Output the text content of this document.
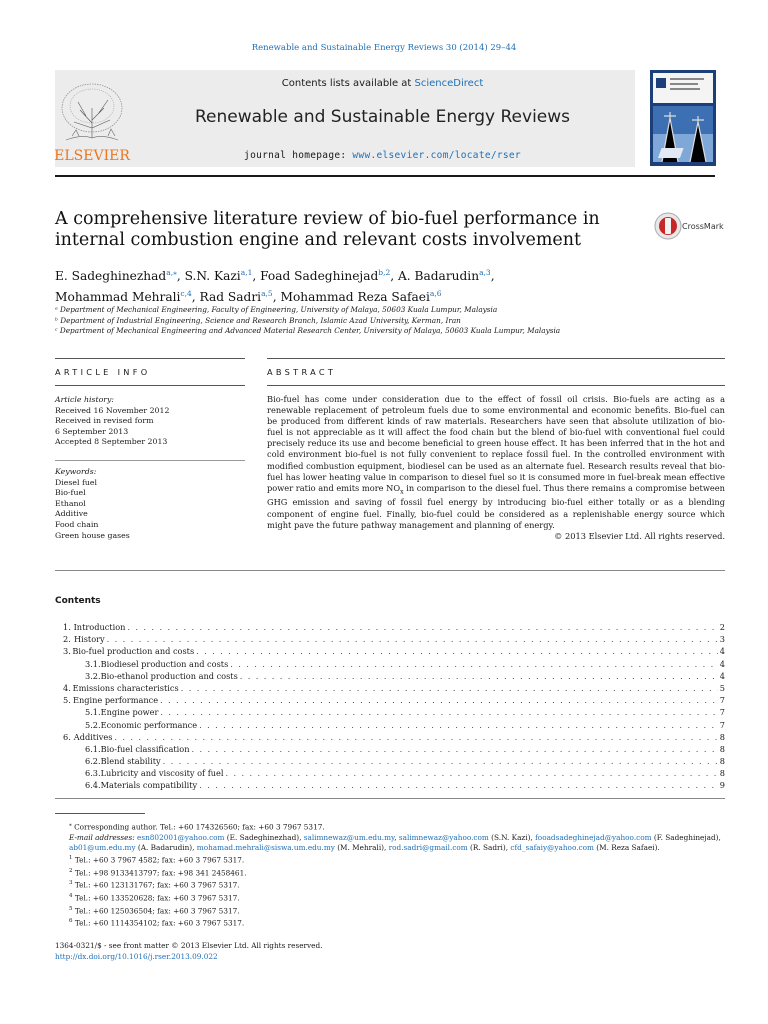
Renewable and Sustainable Energy Reviews 30 (2014) 29–44
ELSEVIER
Contents lists available at ScienceDirect
Renewable and Sustainable Energy Reviews
journal homepage: www.elsevier.com/locate/rser
A comprehensive literature review of bio-fuel performance in internal combustion engine and relevant costs involvement
CrossMark
E. Sadeghinezhad$^{a,⁎}$, S.N. Kazi$^{a,1}$, Foad Sadeghinejad$^{b,2}$, A. Badarudin$^{a,3}$,
Mohammad Mehrali$^{c,4}$, Rad Sadri$^{a,5}$, Mohammad Reza Safaei$^{a,6}$
ᵃ Department of Mechanical Engineering, Faculty of Engineering, University of Malaya, 50603 Kuala Lumpur, Malaysia
ᵇ Department of Industrial Engineering, Science and Research Branch, Islamic Azad University, Kerman, Iran
ᶜ Department of Mechanical Engineering and Advanced Material Research Center, University of Malaya, 50603 Kuala Lumpur, Malaysia
ARTICLE INFO	ABSTRACT
Article history:
Received 16 November 2012
Received in revised form
6 September 2013
Accepted 8 September 2013
Keywords:
Diesel fuel
Bio-fuel
Ethanol
Additive
Food chain
Green house gases
Bio-fuel has come under consideration due to the effect of fossil oil crisis. Bio-fuels are acting as a renewable replacement of petroleum fuels due to some environmental and economic benefits. Bio-fuel can be produced from different kinds of raw materials. Researchers have seen that absolute utilization of bio-fuel is not appreciable as it will affect the food chain but the blend of bio-fuel with conventional fuel could precisely reduce its use and become beneficial to green house effect. It has been inferred that in the hot and cold environment bio-fuel is not fully convenient to replace fossil fuel. In the controlled environment with modified combustion equipment, biodiesel can be used as an alternate fuel. Research results reveal that bio-fuel has lower heating value in comparison to diesel fuel so it is consumed more in fuel-break mean effective power ratio and emits more $NO_x$ in comparison to the diesel fuel. Thus there remains a compromise between GHG emission and saving of fossil fuel energy by introducing bio-fuel either totally or as a blending component of engine fuel. Finally, bio-fuel could be considered as a replenishable energy source which might pave the future pathway management and planning of energy.
© 2013 Elsevier Ltd. All rights reserved.
Contents
1. Introduction . . .	2
2. History . . .	3
3. Bio-fuel production and costs . . .	4
3.1. Biodiesel production and costs . . .	4
3.2. Bio-ethanol production and costs . . .	4
4. Emissions characteristics . . .	5
5. Engine performance . . .	7
5.1. Engine power . . .	7
5.2. Economic performance . . .	7
6. Additives . . .	8
6.1. Bio-fuel classification . . .	8
6.2. Blend stability . . .	8
6.3. Lubricity and viscosity of fuel . . .	8
6.4. Materials compatibility . . .	9
⁎ Corresponding author. Tel.: +60 174326560; fax: +60 3 7967 5317.
E-mail addresses: esn802001@yahoo.com (E. Sadeghinezhad), salimnewaz@um.edu.my, salimnewaz@yahoo.com (S.N. Kazi), fooadsadeghinejad@yahoo.com (F. Sadeghinejad), ab01@um.edu.my (A. Badarudin), mohamad.mehrali@siswa.um.edu.my (M. Mehrali), rod.sadri@gmail.com (R. Sadri), cfd_safaiy@yahoo.com (M. Reza Safaei).
$^1$ Tel.: +60 3 7967 4582; fax: +60 3 7967 5317.
$^2$ Tel.: +98 9133413797; fax: +98 341 2458461.
$^3$ Tel.: +60 123131767; fax: +60 3 7967 5317.
$^4$ Tel.: +60 133520628; fax: +60 3 7967 5317.
$^5$ Tel.: +60 125036504; fax: +60 3 7967 5317.
$^6$ Tel.: +60 1114354102; fax: +60 3 7967 5317.
1364-0321/$ - see front matter © 2013 Elsevier Ltd. All rights reserved.
http://dx.doi.org/10.1016/j.rser.2013.09.022
